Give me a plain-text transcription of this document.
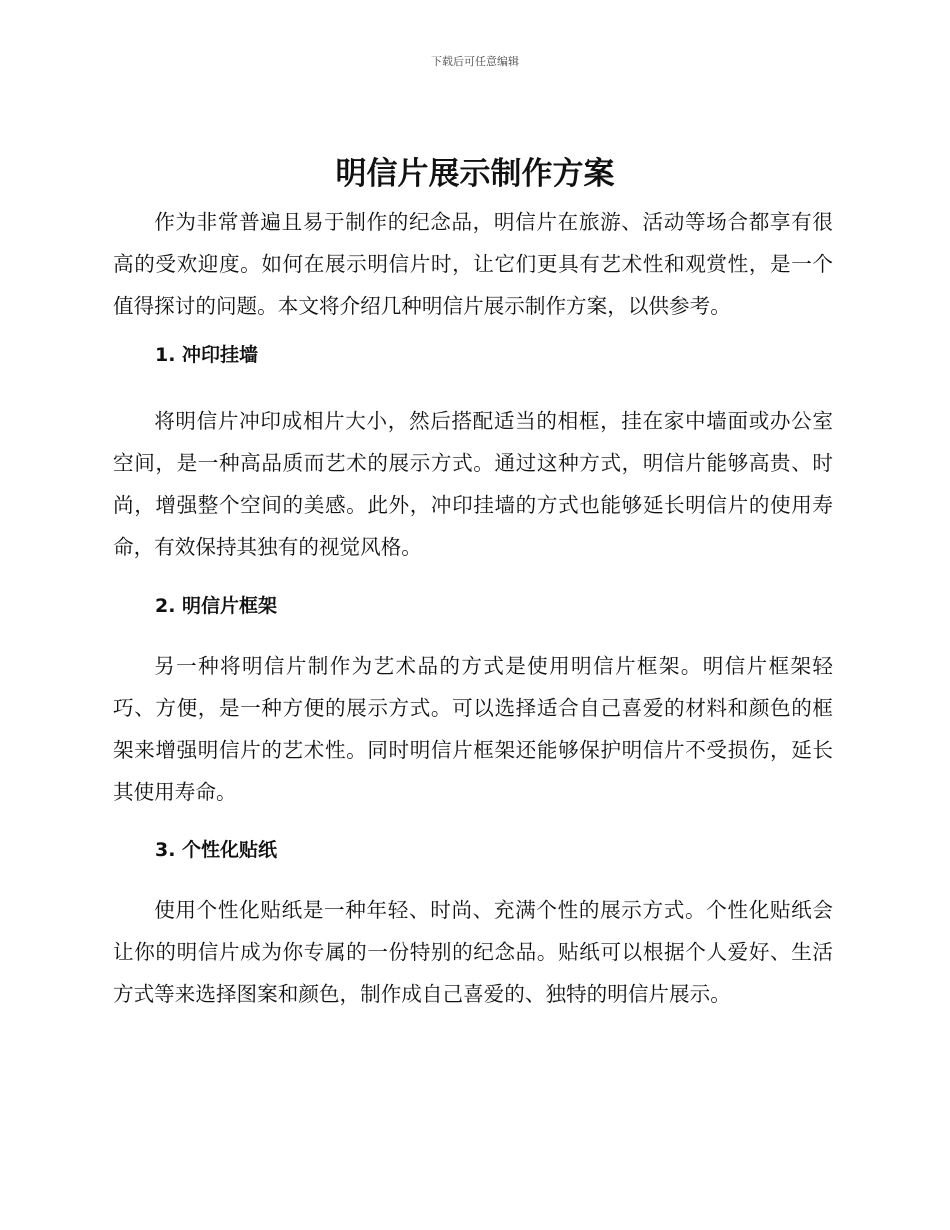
下载后可任意编辑
明信片展示制作方案

作为非常普遍且易于制作的纪念品，明信片在旅游、活动等场合都享有很高的受欢迎度。如何在展示明信片时，让它们更具有艺术性和观赏性，是一个值得探讨的问题。本文将介绍几种明信片展示制作方案，以供参考。

1. 冲印挂墙

将明信片冲印成相片大小，然后搭配适当的相框，挂在家中墙面或办公室空间，是一种高品质而艺术的展示方式。通过这种方式，明信片能够高贵、时尚，增强整个空间的美感。此外，冲印挂墙的方式也能够延长明信片的使用寿命，有效保持其独有的视觉风格。

2. 明信片框架

另一种将明信片制作为艺术品的方式是使用明信片框架。明信片框架轻巧、方便，是一种方便的展示方式。可以选择适合自己喜爱的材料和颜色的框架来增强明信片的艺术性。同时明信片框架还能够保护明信片不受损伤，延长其使用寿命。

3. 个性化贴纸

使用个性化贴纸是一种年轻、时尚、充满个性的展示方式。个性化贴纸会让你的明信片成为你专属的一份特别的纪念品。贴纸可以根据个人爱好、生活方式等来选择图案和颜色，制作成自己喜爱的、独特的明信片展示。
